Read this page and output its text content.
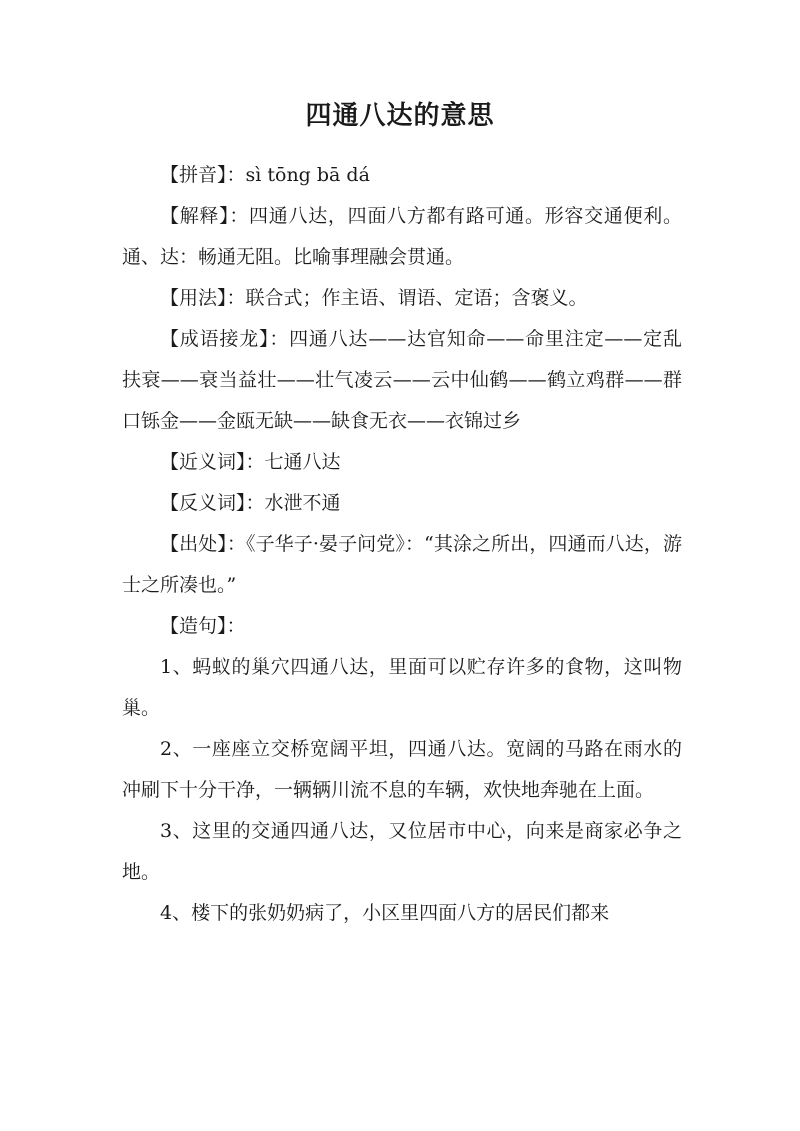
四通八达的意思

【拼音】：sì tōng bā dá

【解释】：四通八达，四面八方都有路可通。形容交通便利。通、达：畅通无阻。比喻事理融会贯通。

【用法】：联合式；作主语、谓语、定语；含褒义。

【成语接龙】：四通八达——达官知命——命里注定——定乱扶衰——衰当益壮——壮气凌云——云中仙鹤——鹤立鸡群——群口铄金——金瓯无缺——缺食无衣——衣锦过乡

【近义词】：七通八达

【反义词】：水泄不通

【出处】：《子华子·晏子问党》：“其涂之所出，四通而八达，游士之所凑也。”

【造句】：

1、蚂蚁的巢穴四通八达，里面可以贮存许多的食物，这叫物巢。

2、一座座立交桥宽阔平坦，四通八达。宽阔的马路在雨水的冲刷下十分干净，一辆辆川流不息的车辆，欢快地奔驰在上面。

3、这里的交通四通八达，又位居市中心，向来是商家必争之地。

4、楼下的张奶奶病了，小区里四面八方的居民们都来
